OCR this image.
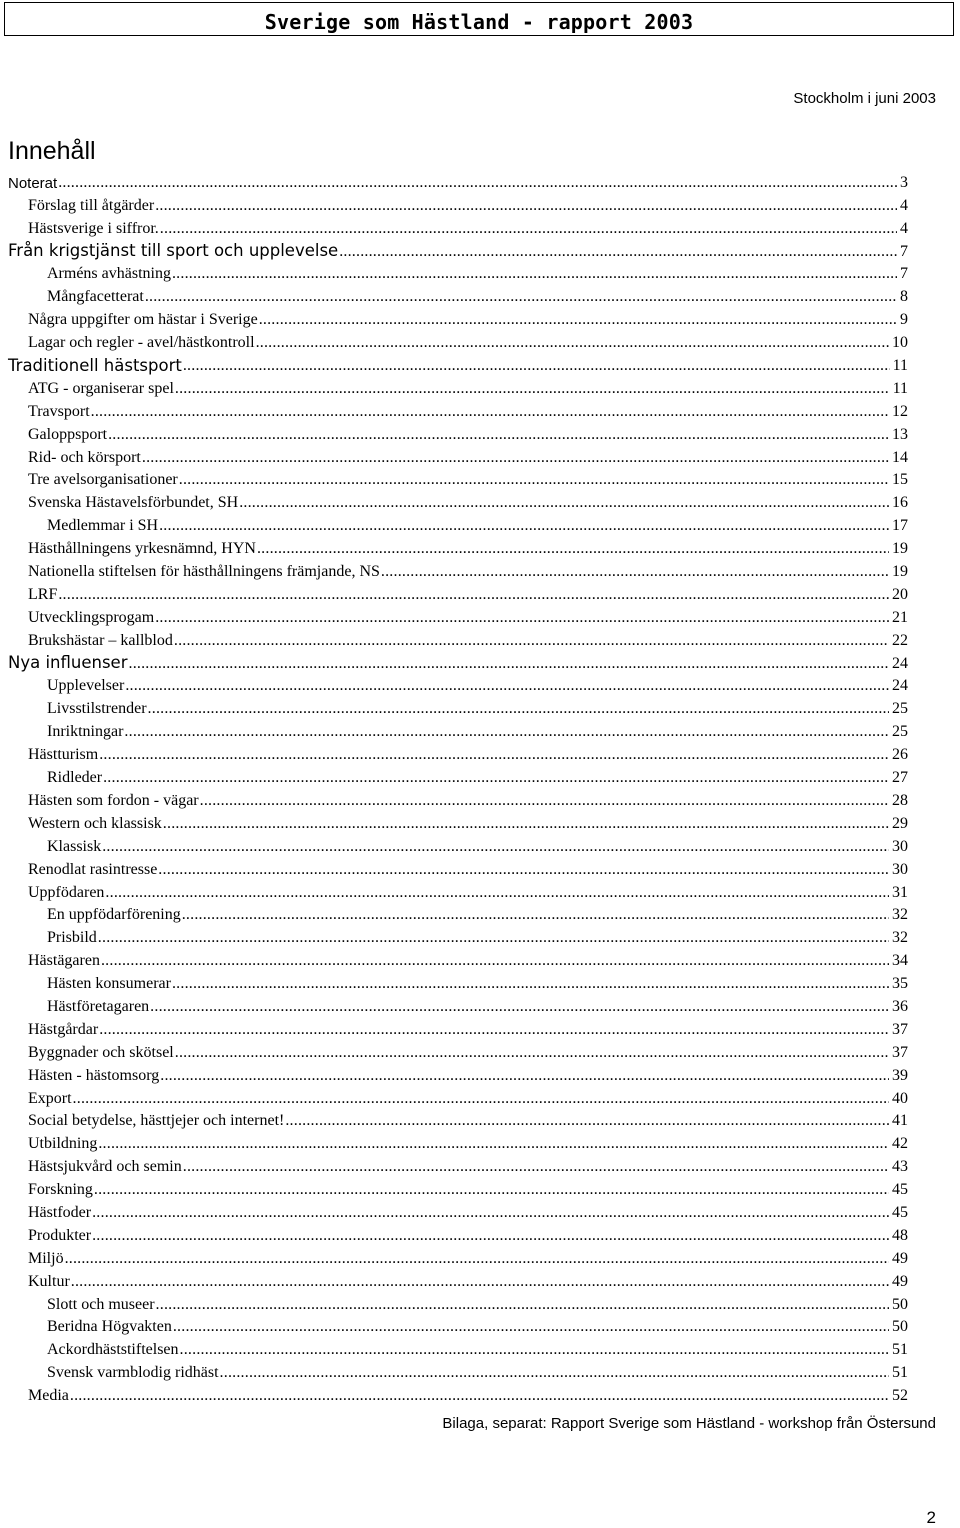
Sverige som Hästland - rapport 2003
Stockholm i juni 2003
Innehåll
Noterat .....	3
Förslag till åtgärder .....	4
Hästsverige i siffror. .....	4
Från krigstjänst till sport och upplevelse .....	7
Arméns avhästning .....	7
Mångfacetterat .....	8
Några uppgifter om hästar i Sverige .....	9
Lagar och regler - avel/hästkontroll .....	10
Traditionell hästsport .....	11
ATG - organiserar spel .....	11
Travsport .....	12
Galoppsport .....	13
Rid- och körsport .....	14
Tre avelsorganisationer .....	15
Svenska Hästavelsförbundet, SH .....	16
Medlemmar i SH .....	17
Hästhållningens yrkesnämnd, HYN .....	19
Nationella stiftelsen för hästhållningens främjande, NS .....	19
LRF .....	20
Utvecklingsprogam .....	21
Brukshästar – kallblod .....	22
Nya influenser .....	24
Upplevelser .....	24
Livsstilstrender .....	25
Inriktningar .....	25
Hästturism .....	26
Ridleder .....	27
Hästen som fordon - vägar .....	28
Western och klassisk .....	29
Klassisk .....	30
Renodlat rasintresse .....	30
Uppfödaren .....	31
En uppfödarförening .....	32
Prisbild .....	32
Hästägaren .....	34
Hästen konsumerar .....	35
Hästföretagaren .....	36
Hästgårdar .....	37
Byggnader och skötsel .....	37
Hästen - hästomsorg .....	39
Export .....	40
Social betydelse, hästtjejer och internet! .....	41
Utbildning .....	42
Hästsjukvård och semin .....	43
Forskning .....	45
Hästfoder .....	45
Produkter .....	48
Miljö .....	49
Kultur .....	49
Slott och museer .....	50
Beridna Högvakten .....	50
Ackordhäststiftelsen .....	51
Svensk varmblodig ridhäst .....	51
Media .....	52
Bilaga, separat: Rapport Sverige som Hästland - workshop från Östersund
2
